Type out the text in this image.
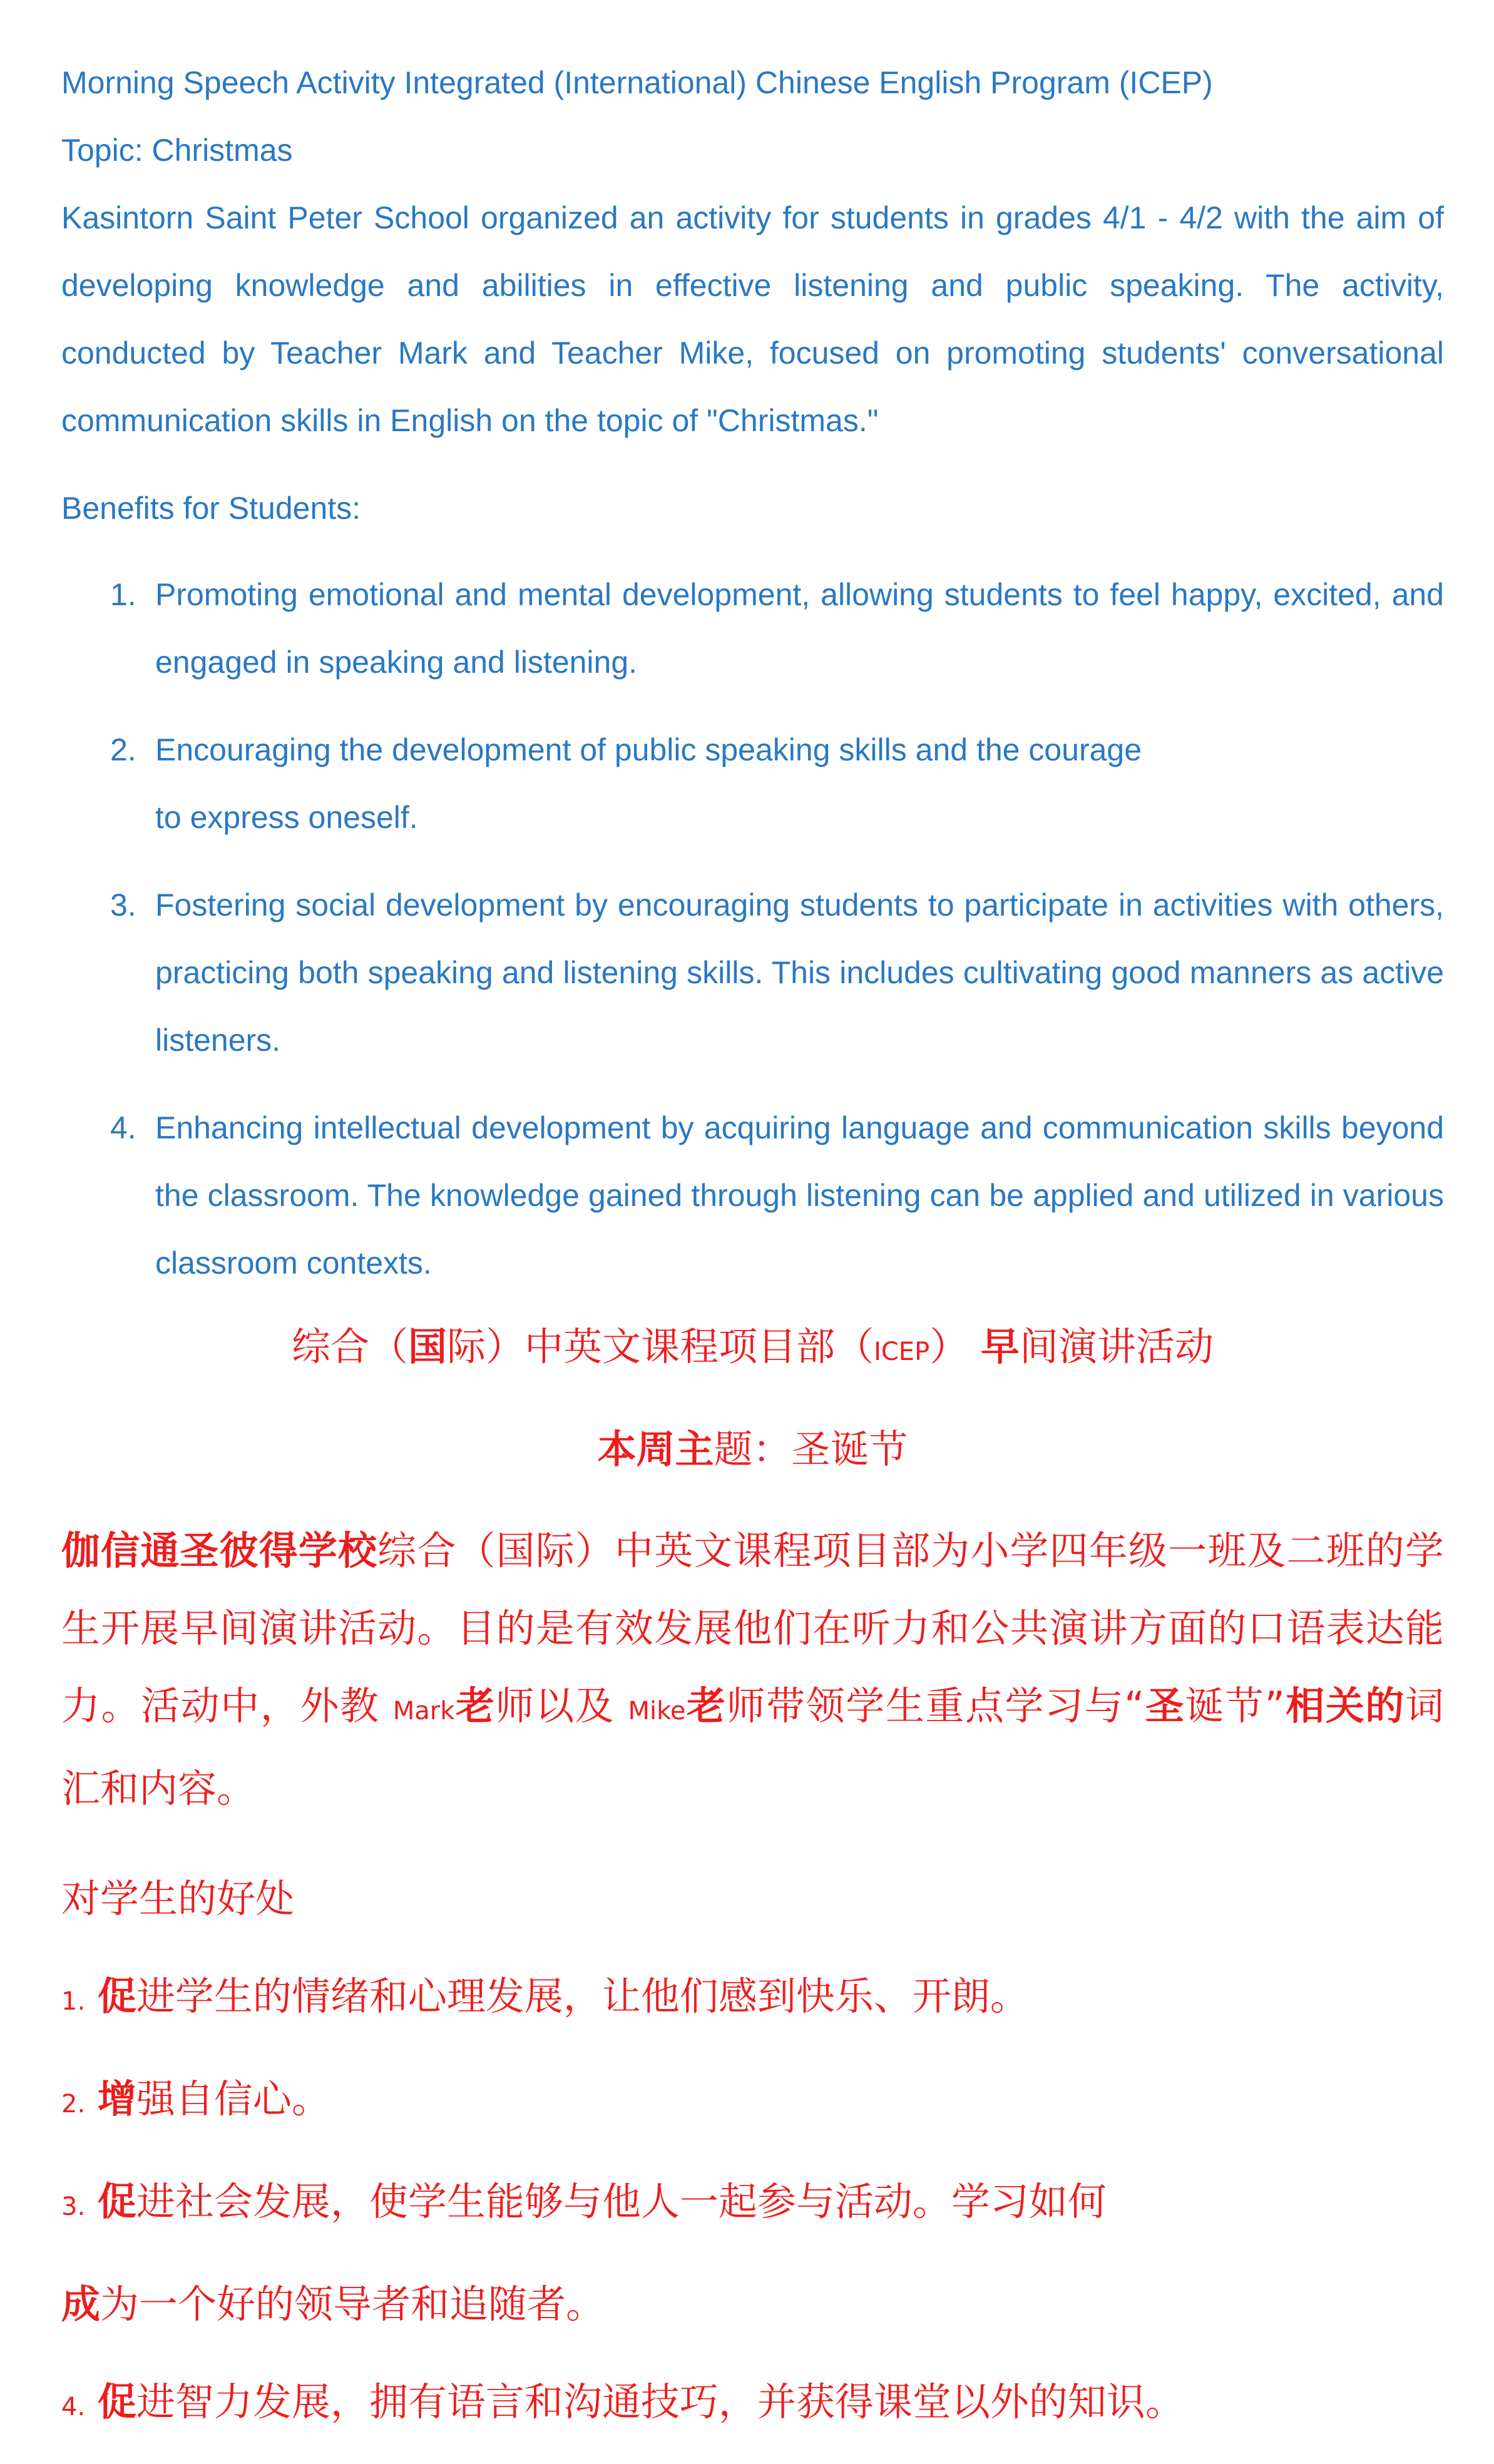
Morning Speech Activity Integrated (International) Chinese English Program (ICEP)
Topic: Christmas
Kasintorn Saint Peter School organized an activity for students in grades 4/1 - 4/2 with the aim of developing knowledge and abilities in effective listening and public speaking. The activity, conducted by Teacher Mark and Teacher Mike, focused on promoting students' conversational communication skills in English on the topic of "Christmas."
Benefits for Students:
1. Promoting emotional and mental development, allowing students to feel happy, excited, and engaged in speaking and listening.
2. Encouraging the development of public speaking skills and the courage
to express oneself.
3. Fostering social development by encouraging students to participate in activities with others, practicing both speaking and listening skills. This includes cultivating good manners as active listeners.
4. Enhancing intellectual development by acquiring language and communication skills beyond the classroom. The knowledge gained through listening can be applied and utilized in various classroom contexts.
综合（国际）中英文课程项目部（ICEP） 早间演讲活动
本周主题：圣诞节
伽信通圣彼得学校综合（国际）中英文课程项目部为小学四年级一班及二班的学生开展早间演讲活动。目的是有效发展他们在听力和公共演讲方面的口语表达能力。活动中，外教 Mark老师以及 Mike老师带领学生重点学习与“圣诞节”相关的词汇和内容。
对学生的好处
1. 促进学生的情绪和心理发展，让他们感到快乐、开朗。
2. 增强自信心。
3. 促进社会发展，使学生能够与他人一起参与活动。学习如何
成为一个好的领导者和追随者。
4. 促进智力发展，拥有语言和沟通技巧，并获得课堂以外的知识。
